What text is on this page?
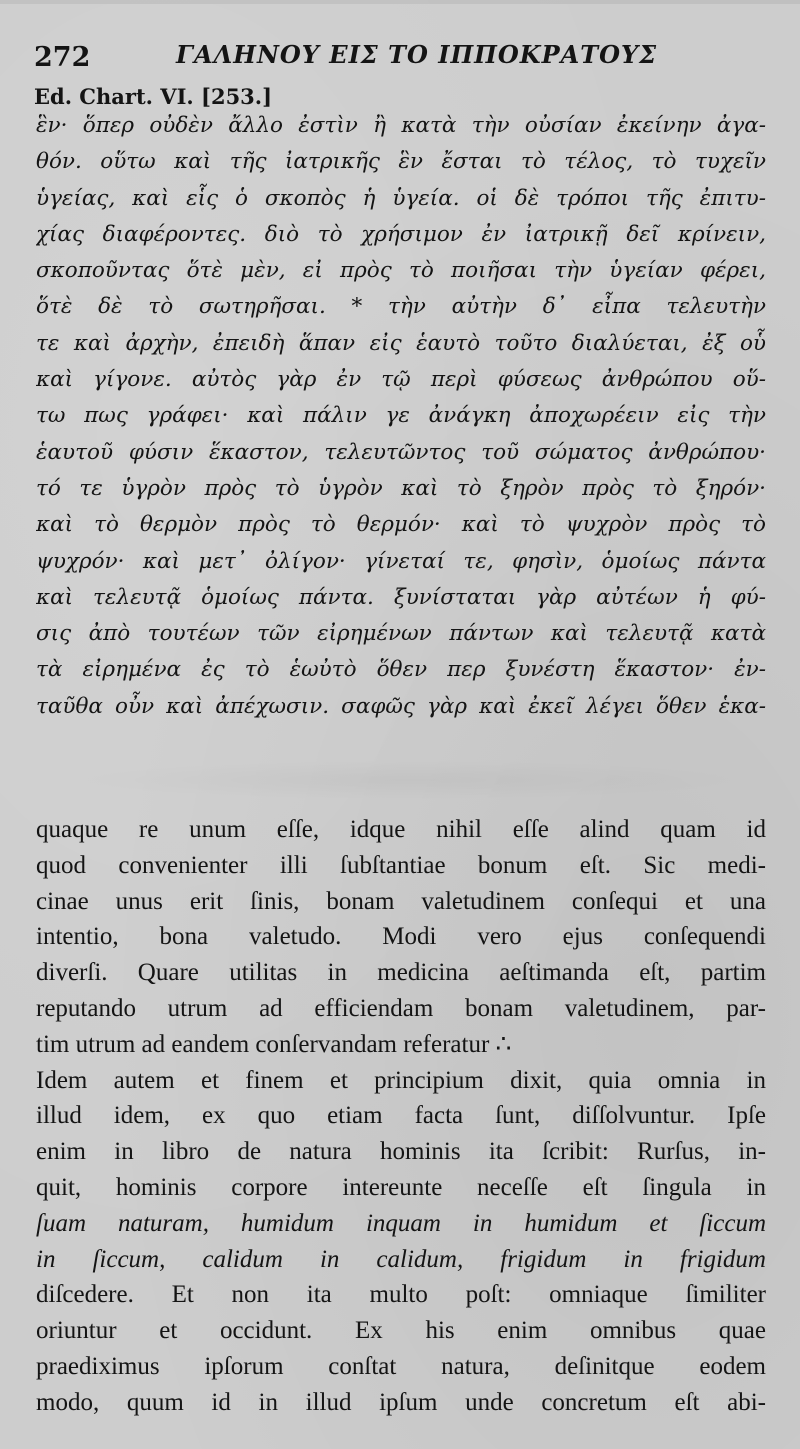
272	ΓΑΛΗΝΟΥ ΕΙΣ ΤΟ ΙΠΠΟΚΡΑΤΟΥΣ
Ed. Chart. VI. [253.]
ἓν· ὅπερ οὐδὲν ἄλλο ἐστὶν ἢ κατὰ τὴν οὐσίαν ἐκείνην ἀγα-
θόν. οὕτω καὶ τῆς ἰατρικῆς ἓν ἔσται τὸ τέλος, τὸ τυχεῖν
ὑγείας, καὶ εἷς ὁ σκοπὸς ἡ ὑγεία. οἱ δὲ τρόποι τῆς ἐπιτυ-
χίας διαφέροντες. διὸ τὸ χρήσιμον ἐν ἰατρικῇ δεῖ κρίνειν,
σκοποῦντας ὅτὲ μὲν, εἰ πρὸς τὸ ποιῆσαι τὴν ὑγείαν φέρει,
ὅτὲ δὲ τὸ σωτηρῆσαι. * τὴν αὐτὴν δ᾽ εἶπα τελευτὴν
τε καὶ ἀρχὴν, ἐπειδὴ ἅπαν εἰς ἑαυτὸ τοῦτο διαλύεται, ἐξ οὗ
καὶ γίγονε. αὐτὸς γὰρ ἐν τῷ περὶ φύσεως ἀνθρώπου οὕ-
τω πως γράφει· καὶ πάλιν γε ἀνάγκη ἀποχωρέειν εἰς τὴν
ἑαυτοῦ φύσιν ἕκαστον, τελευτῶντος τοῦ σώματος ἀνθρώπου·
τό τε ὑγρὸν πρὸς τὸ ὑγρὸν καὶ τὸ ξηρὸν πρὸς τὸ ξηρόν·
καὶ τὸ θερμὸν πρὸς τὸ θερμόν· καὶ τὸ ψυχρὸν πρὸς τὸ
ψυχρόν· καὶ μετ᾽ ὀλίγον· γίνεταί τε, φησὶν, ὁμοίως πάντα
καὶ τελευτᾷ ὁμοίως πάντα. ξυνίσταται γὰρ αὐτέων ἡ φύ-
σις ἀπὸ τουτέων τῶν εἰρημένων πάντων καὶ τελευτᾷ κατὰ
τὰ εἰρημένα ἐς τὸ ἑωὐτὸ ὅθεν περ ξυνέστη ἕκαστον· ἐν-
ταῦθα οὖν καὶ ἀπέχωσιν. σαφῶς γὰρ καὶ ἐκεῖ λέγει ὅθεν ἑκα-
quaque re unum eſſe, idque nihil eſſe alind quam id
quod convenienter illi ſubſtantiae bonum eſt. Sic medi-
cinae unus erit ſinis, bonam valetudinem conſequi et una
intentio, bona valetudo. Modi vero ejus conſequendi
diverſi. Quare utilitas in medicina aeſtimanda eſt, partim
reputando utrum ad efficiendam bonam valetudinem, par-
tim utrum ad eandem conſervandam referatur ∴
Idem autem et finem et principium dixit, quia omnia in
illud idem, ex quo etiam facta ſunt, diſſolvuntur. Ipſe
enim in libro de natura hominis ita ſcribit: Rurſus, in-
quit, hominis corpore intereunte neceſſe eſt ſingula in
ſuam naturam, humidum inquam in humidum et ſiccum
in ſiccum, calidum in calidum, frigidum in frigidum
diſcedere. Et non ita multo poſt: omniaque ſimiliter
oriuntur et occidunt. Ex his enim omnibus quae
praediximus ipſorum conſtat natura, deſinitque eodem
modo, quum id in illud ipſum unde concretum eſt abi-
